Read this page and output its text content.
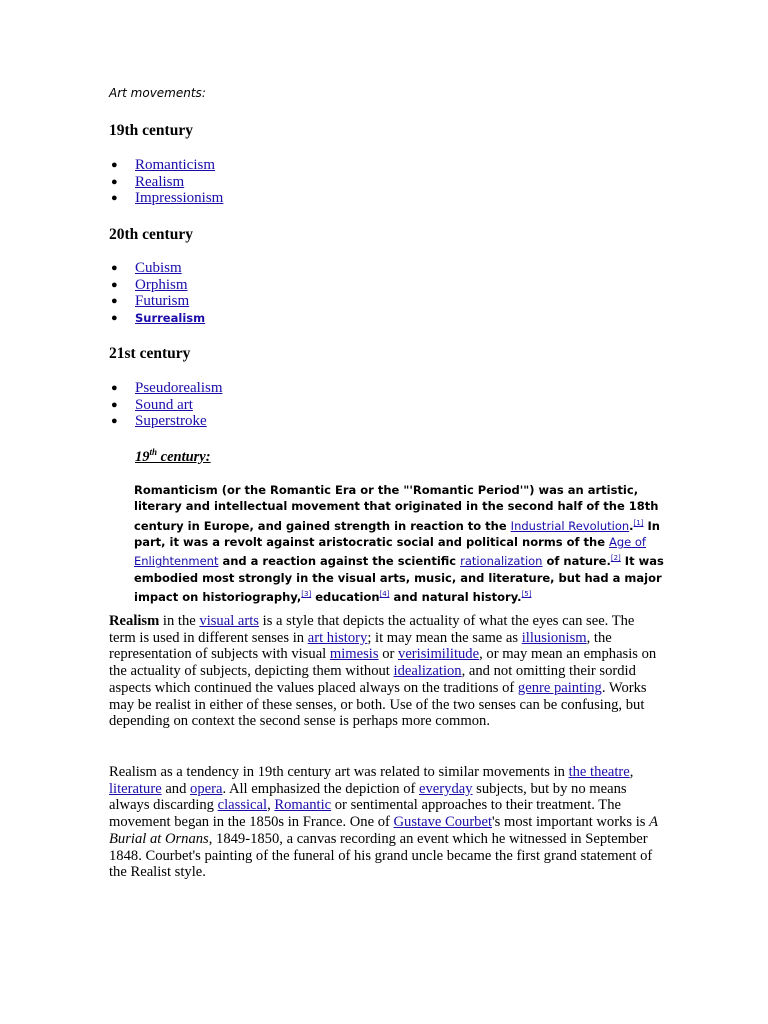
Art movements:
19th century
● Romanticism
● Realism
● Impressionism
20th century
● Cubism
● Orphism
● Futurism
● Surrealism
21st century
● Pseudorealism
● Sound art
● Superstroke
19th century:
Romanticism (or the Romantic Era or the "'Romantic Period'") was an artistic, literary and intellectual movement that originated in the second half of the 18th century in Europe, and gained strength in reaction to the Industrial Revolution.[1] In part, it was a revolt against aristocratic social and political norms of the Age of Enlightenment and a reaction against the scientific rationalization of nature.[2] It was embodied most strongly in the visual arts, music, and literature, but had a major impact on historiography,[3] education[4] and natural history.[5]
Realism in the visual arts is a style that depicts the actuality of what the eyes can see. The term is used in different senses in art history; it may mean the same as illusionism, the representation of subjects with visual mimesis or verisimilitude, or may mean an emphasis on the actuality of subjects, depicting them without idealization, and not omitting their sordid aspects which continued the values placed always on the traditions of genre painting. Works may be realist in either of these senses, or both. Use of the two senses can be confusing, but depending on context the second sense is perhaps more common.
Realism as a tendency in 19th century art was related to similar movements in the theatre, literature and opera. All emphasized the depiction of everyday subjects, but by no means always discarding classical, Romantic or sentimental approaches to their treatment. The movement began in the 1850s in France. One of Gustave Courbet's most important works is A Burial at Ornans, 1849-1850, a canvas recording an event which he witnessed in September 1848. Courbet's painting of the funeral of his grand uncle became the first grand statement of the Realist style.
